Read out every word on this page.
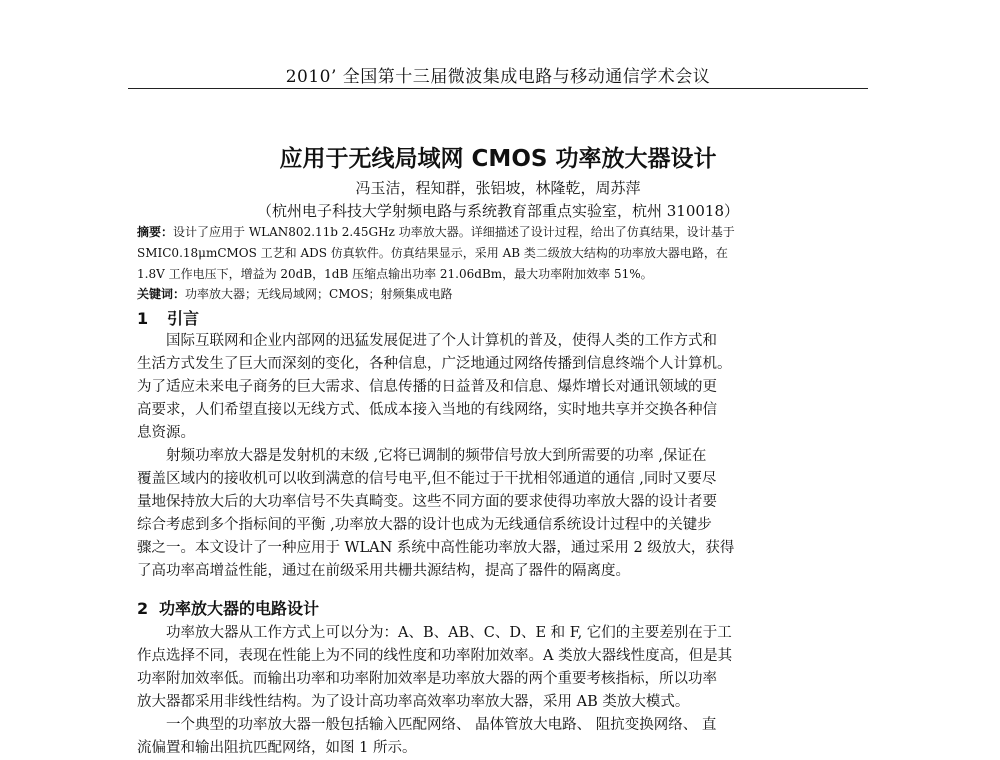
2010’ 全国第十三届微波集成电路与移动通信学术会议
应用于无线局域网 CMOS 功率放大器设计
冯玉洁，程知群，张铝坡，林隆乾，周苏萍
（杭州电子科技大学射频电路与系统教育部重点实验室，杭州 310018）
摘要：设计了应用于 WLAN802.11b 2.45GHz 功率放大器。详细描述了设计过程，给出了仿真结果，设计基于
SMIC0.18μmCMOS 工艺和 ADS 仿真软件。仿真结果显示，采用 AB 类二级放大结构的功率放大器电路，在
1.8V 工作电压下，增益为 20dB，1dB 压缩点输出功率 21.06dBm，最大功率附加效率 51%。
关键词：功率放大器；无线局域网；CMOS；射频集成电路
1 引言
国际互联网和企业内部网的迅猛发展促进了个人计算机的普及，使得人类的工作方式和
生活方式发生了巨大而深刻的变化，各种信息，广泛地通过网络传播到信息终端个人计算机。
为了适应未来电子商务的巨大需求、信息传播的日益普及和信息、爆炸增长对通讯领域的更
高要求，人们希望直接以无线方式、低成本接入当地的有线网络，实时地共享并交换各种信
息资源。
射频功率放大器是发射机的末级 ,它将已调制的频带信号放大到所需要的功率 ,保证在
覆盖区域内的接收机可以收到满意的信号电平,但不能过于干扰相邻通道的通信 ,同时又要尽
量地保持放大后的大功率信号不失真畸变。这些不同方面的要求使得功率放大器的设计者要
综合考虑到多个指标间的平衡 ,功率放大器的设计也成为无线通信系统设计过程中的关键步
骤之一。本文设计了一种应用于 WLAN 系统中高性能功率放大器，通过采用 2 级放大，获得
了高功率高增益性能，通过在前级采用共栅共源结构，提高了器件的隔离度。
2 功率放大器的电路设计
功率放大器从工作方式上可以分为：A、B、AB、C、D、E 和 F, 它们的主要差别在于工
作点选择不同，表现在性能上为不同的线性度和功率附加效率。A 类放大器线性度高，但是其
功率附加效率低。而输出功率和功率附加效率是功率放大器的两个重要考核指标，所以功率
放大器都采用非线性结构。为了设计高功率高效率功率放大器，采用 AB 类放大模式。
一个典型的功率放大器一般包括输入匹配网络、 晶体管放大电路、 阻抗变换网络、 直
流偏置和输出阻抗匹配网络，如图 1 所示。
